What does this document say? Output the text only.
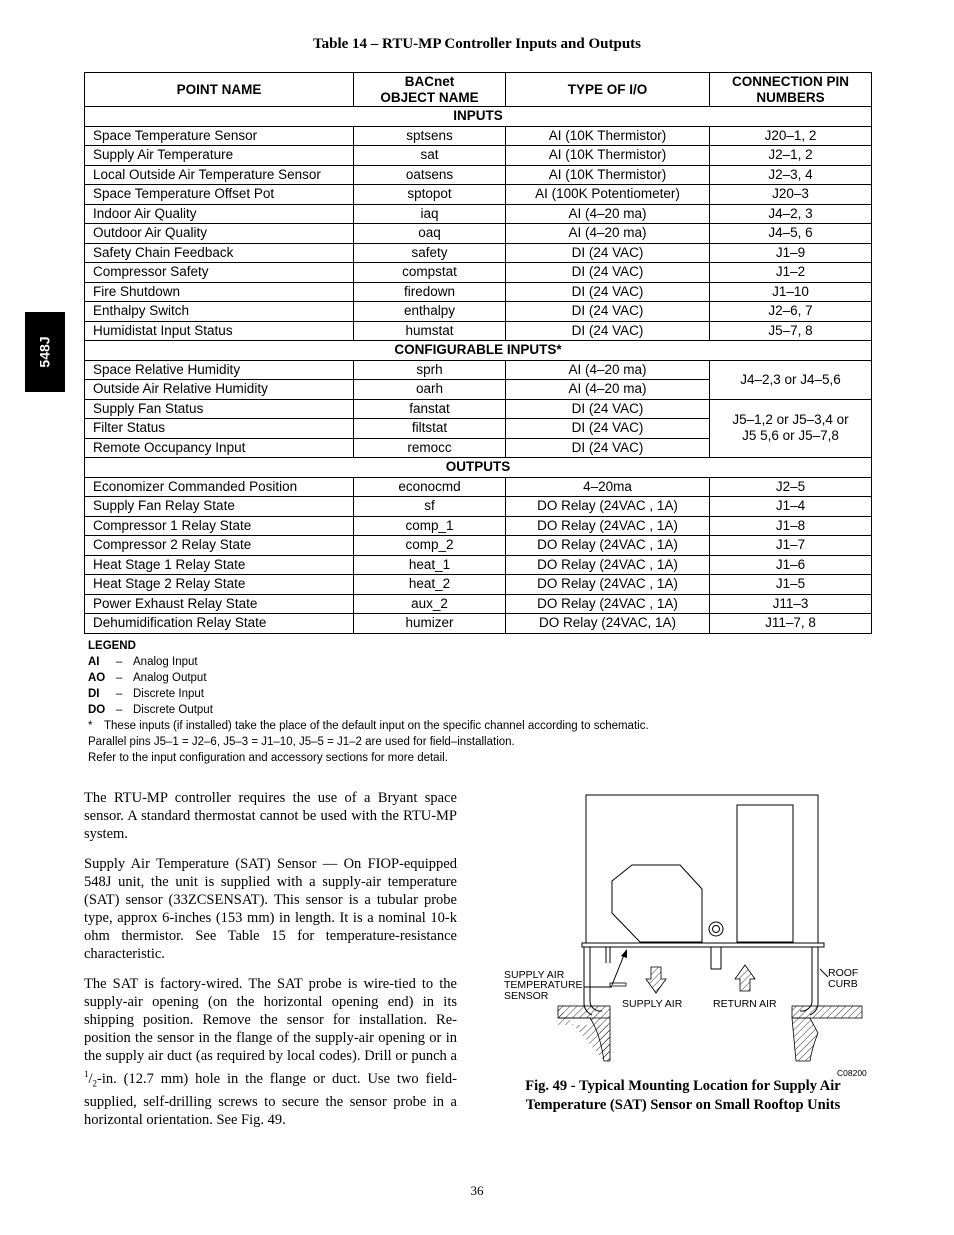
Table 14 – RTU-MP Controller Inputs and Outputs
548J
POINT NAME	BACnet OBJECT NAME	TYPE OF I/O	CONNECTION PIN NUMBERS

INPUTS			
Space Temperature Sensor	sptsens	AI (10K Thermistor)	J20–1, 2
Supply Air Temperature	sat	AI (10K Thermistor)	J2–1, 2
Local Outside Air Temperature Sensor	oatsens	AI (10K Thermistor)	J2–3, 4
Space Temperature Offset Pot	sptopot	AI (100K Potentiometer)	J20–3
Indoor Air Quality	iaq	AI (4–20 ma)	J4–2, 3
Outdoor Air Quality	oaq	AI (4–20 ma)	J4–5, 6
Safety Chain Feedback	safety	DI (24 VAC)	J1–9
Compressor Safety	compstat	DI (24 VAC)	J1–2
Fire Shutdown	firedown	DI (24 VAC)	J1–10
Enthalpy Switch	enthalpy	DI (24 VAC)	J2–6, 7
Humidistat Input Status	humstat	DI (24 VAC)	J5–7, 8
CONFIGURABLE INPUTS*			
Space Relative Humidity	sprh	AI (4–20 ma)	J4–2,3 or J4–5,6
Outside Air Relative Humidity	oarh	AI (4–20 ma)	
Supply Fan Status	fanstat	DI (24 VAC)	J5–1,2 or J5–3,4 or
J5 5,6 or J5–7,8

Filter Status	filtstat	DI (24 VAC)	
Remote Occupancy Input	remocc	DI (24 VAC)	
OUTPUTS			
Economizer Commanded Position	econocmd	4–20ma	J2–5
Supply Fan Relay State	sf	DO Relay (24VAC , 1A)	J1–4
Compressor 1 Relay State	comp_1	DO Relay (24VAC , 1A)	J1–8
Compressor 2 Relay State	comp_2	DO Relay (24VAC , 1A)	J1–7
Heat Stage 1 Relay State	heat_1	DO Relay (24VAC , 1A)	J1–6
Heat Stage 2 Relay State	heat_2	DO Relay (24VAC , 1A)	J1–5
Power Exhaust Relay State	aux_2	DO Relay (24VAC , 1A)	J11–3
Dehumidification Relay State	humizer	DO Relay (24VAC, 1A)	J11–7, 8
LEGEND
AI – Analog Input
AO – Analog Output
DI – Discrete Input
DO – Discrete Output
* These inputs (if installed) take the place of the default input on the specific channel according to schematic.
Parallel pins J5–1 = J2–6, J5–3 = J1–10, J5–5 = J1–2 are used for field–installation.
Refer to the input configuration and accessory sections for more detail.

The RTU-MP controller requires the use of a Bryant space sensor. A standard thermostat cannot be used with the RTU-MP system.

Supply Air Temperature (SAT) Sensor — On FIOP-equipped 548J unit, the unit is supplied with a supply-air temperature (SAT) sensor (33ZCSENSAT). This sensor is a tubular probe type, approx 6-inches (153 mm) in length. It is a nominal 10-k ohm thermistor. See Table 15 for temperature-resistance characteristic.

The SAT is factory-wired. The SAT probe is wire-tied to the supply-air opening (on the horizontal opening end) in its shipping position. Remove the sensor for installation. Re-position the sensor in the flange of the supply-air opening or in the supply air duct (as required by local codes). Drill or punch a $^1/_2-in$. (12.7 mm) hole in the flange or duct. Use two field-supplied, self-drilling screws to secure the sensor probe in a horizontal orientation. See Fig. 49.

SUPPLY AIR
TEMPERATURE
SENSOR
SUPPLY AIR	RETURN AIR
ROOF
CURB
C08200
Fig. 49 - Typical Mounting Location for Supply Air
Temperature (SAT) Sensor on Small Rooftop Units
36
